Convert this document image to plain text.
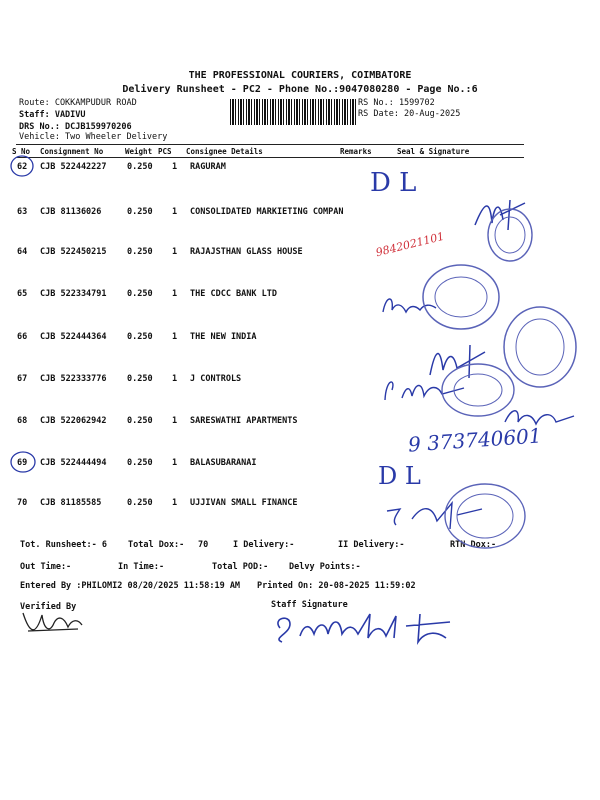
THE PROFESSIONAL COURIERS, COIMBATORE
Delivery Runsheet - PC2 - Phone No.:9047080280 - Page No.:6
Route: COKKAMPUDUR ROAD
Staff: VADIVU
DRS No.: DCJB159970206
Vehicle: Two Wheeler Delivery
RS No.: 1599702
RS Date: 20-Aug-2025
S No Consignment No	Weight PCS Consignee Details	Remarks	Seal & Signature
62 CJB 522442227 0.250 1 RAGURAM
63 CJB 81136026	0.250 1 CONSOLIDATED MARKIETING COMPAN
64 CJB 522450215 0.250 1 RAJAJSTHAN GLASS HOUSE
65 CJB 522334791 0.250 1 THE CDCC BANK LTD
66 CJB 522444364 0.250 1 THE NEW INDIA
67 CJB 522333776 0.250 1 J CONTROLS
68 CJB 522062942 0.250 1 SARESWATHI APARTMENTS
69 CJB 522444494 0.250 1 BALASUBARANAI
70 CJB 81185585	0.250 1 UJJIVAN SMALL FINANCE
Tot. Runsheet:- 6 Total Dox:- 70	I Delivery:-	II Delivery:-	RTN Dox:-
Out Time:-	In Time:-	Total POD:- Delvy Points:-
Entered By :PHILOMI2 08/20/2025 11:58:19 AM Printed On: 20-08-2025 11:59:02
Verified By	Staff Signature
D L
9842021101
9 373740601
D L
